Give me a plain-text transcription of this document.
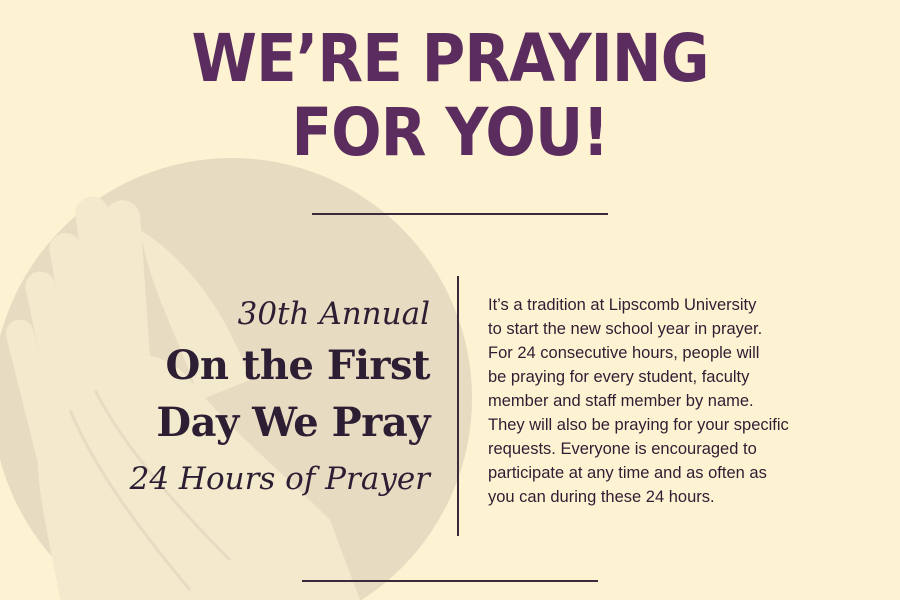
WE’RE PRAYING
FOR YOU!
30th Annual
On the First
Day We Pray
24 Hours of Prayer
It’s a tradition at Lipscomb University
to start the new school year in prayer.
For 24 consecutive hours, people will
be praying for every student, faculty
member and staff member by name.
They will also be praying for your specific
requests. Everyone is encouraged to
participate at any time and as often as
you can during these 24 hours.
